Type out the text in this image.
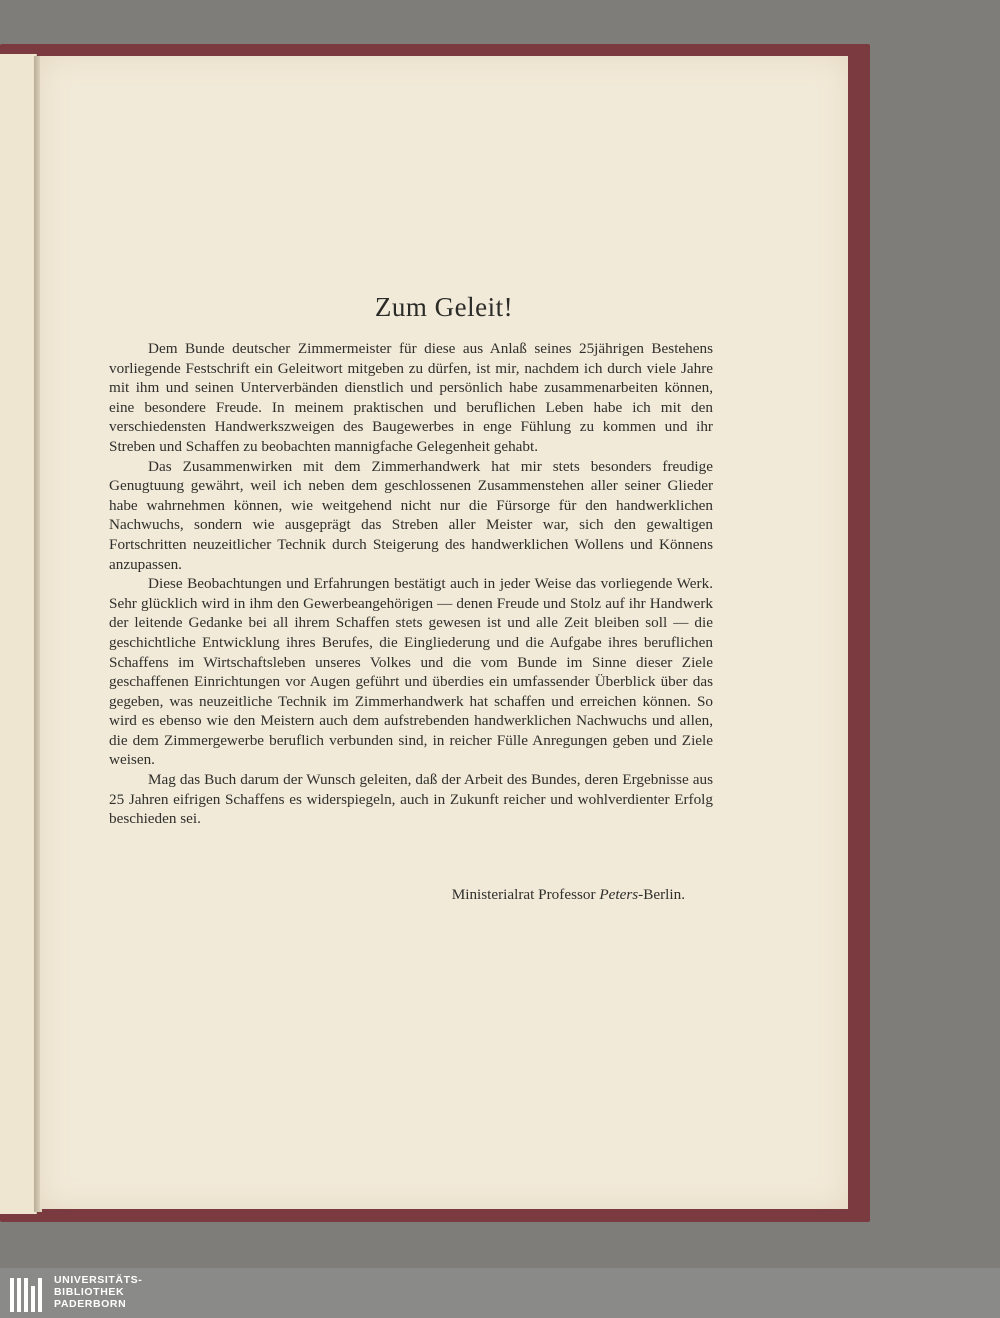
Zum Geleit!

Dem Bunde deutscher Zimmermeister für diese aus Anlaß seines 25jährigen Bestehens vorliegende Festschrift ein Geleitwort mitgeben zu dürfen, ist mir, nachdem ich durch viele Jahre mit ihm und seinen Unterverbänden dienstlich und persönlich habe zusammenarbeiten können, eine besondere Freude. In meinem praktischen und beruflichen Leben habe ich mit den verschiedensten Handwerkszweigen des Baugewerbes in enge Fühlung zu kommen und ihr Streben und Schaffen zu beobachten mannigfache Gelegenheit gehabt.

Das Zusammenwirken mit dem Zimmerhandwerk hat mir stets besonders freudige Genugtuung gewährt, weil ich neben dem geschlossenen Zusammenstehen aller seiner Glieder habe wahrnehmen können, wie weitgehend nicht nur die Fürsorge für den handwerklichen Nachwuchs, sondern wie ausgeprägt das Streben aller Meister war, sich den gewaltigen Fortschritten neuzeitlicher Technik durch Steigerung des handwerklichen Wollens und Könnens anzupassen.

Diese Beobachtungen und Erfahrungen bestätigt auch in jeder Weise das vorliegende Werk. Sehr glücklich wird in ihm den Gewerbeangehörigen — denen Freude und Stolz auf ihr Handwerk der leitende Gedanke bei all ihrem Schaffen stets gewesen ist und alle Zeit bleiben soll — die geschichtliche Entwicklung ihres Berufes, die Eingliederung und die Aufgabe ihres beruflichen Schaffens im Wirtschaftsleben unseres Volkes und die vom Bunde im Sinne dieser Ziele geschaffenen Einrichtungen vor Augen geführt und überdies ein umfassender Überblick über das gegeben, was neuzeitliche Technik im Zimmerhandwerk hat schaffen und erreichen können. So wird es ebenso wie den Meistern auch dem aufstrebenden handwerklichen Nachwuchs und allen, die dem Zimmergewerbe beruflich verbunden sind, in reicher Fülle Anregungen geben und Ziele weisen.

Mag das Buch darum der Wunsch geleiten, daß der Arbeit des Bundes, deren Ergebnisse aus 25 Jahren eifrigen Schaffens es widerspiegeln, auch in Zukunft reicher und wohlverdienter Erfolg beschieden sei.

Ministerialrat Professor Peters-Berlin.
UNIVERSITÄTS-
BIBLIOTHEK
PADERBORN
